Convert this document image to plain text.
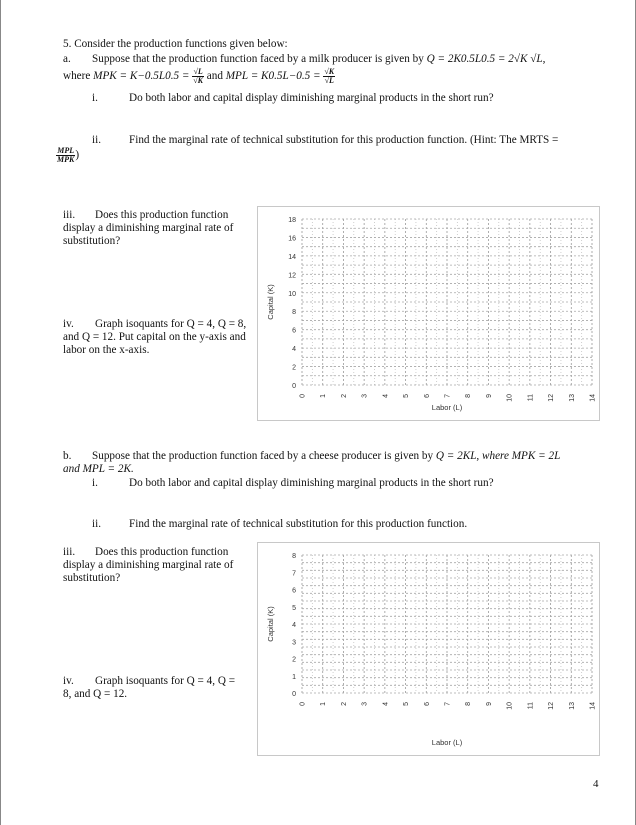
5. Consider the production functions given below:
a. Suppose that the production function faced by a milk producer is given by Q = 2K0.5L0.5 = 2√K √L,
where MPK = $K-0.5L0.5 = \frac{√L}{√K}$ and MPL = $K0.5L-0.5 = \frac{√K}{√L}$
i.	Do both labor and capital display diminishing marginal products in the short run?
ii. Find the marginal rate of technical substitution for this production function. (Hint: The MRTS =
$\frac{\text{MPL}}{\text{MPK}}$ )
iii.	Does this production function display a diminishing marginal rate of substitution?
iv.	Graph isoquants for Q = 4, Q = 8, and Q = 12. Put capital on the y-axis and labor on the x-axis.
0
2
4
6
8
10
12
14
16
18
0 1 2 3 4 5 6 7 8 9 10 11 12 13 14
Labor (L)
Capital (K)
b. Suppose that the production function faced by a cheese producer is given by Q = 2KL, where MPK = 2L
and MPL = 2K.
i.	Do both labor and capital display diminishing marginal products in the short run?
ii. Find the marginal rate of technical substitution for this production function.
iii.	Does this production function display a diminishing marginal rate of substitution?
iv.	Graph isoquants for Q = 4, Q = 8, and Q = 12.	0
1
2
3
4
5
6
7
8
0 1 2 3 4 5 6 7 8 9 10 11 12 13 14
Labor (L)
Capital (K)
4
